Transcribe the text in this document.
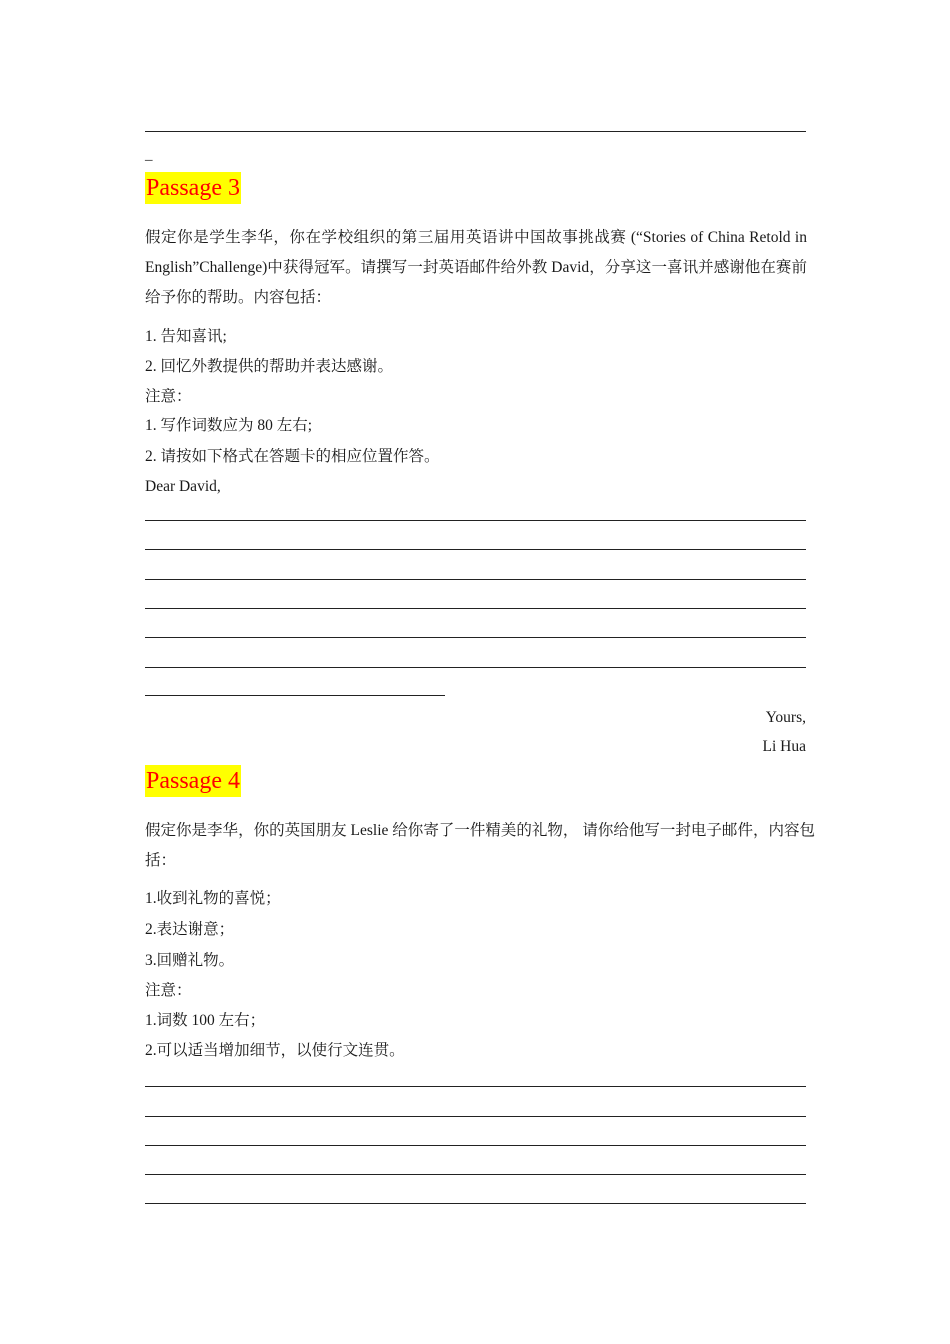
_
Passage 3
假定你是学生李华，你在学校组织的第三届用英语讲中国故事挑战赛 (“Stories of China Retold in English”Challenge)中获得冠军。请撰写一封英语邮件给外教 David，分享这一喜讯并感谢他在赛前给予你的帮助。内容包括：
1. 告知喜讯;
2. 回忆外教提供的帮助并表达感谢。
注意：
1. 写作词数应为 80 左右;
2. 请按如下格式在答题卡的相应位置作答。
Dear David,
Yours,
Li Hua
Passage 4
假定你是李华，你的英国朋友 Leslie 给你寄了一件精美的礼物， 请你给他写一封电子邮件，内容包括：
1.收到礼物的喜悦；
2.表达谢意；
3.回赠礼物。
注意：
1.词数 100 左右；
2.可以适当增加细节，以使行文连贯。
